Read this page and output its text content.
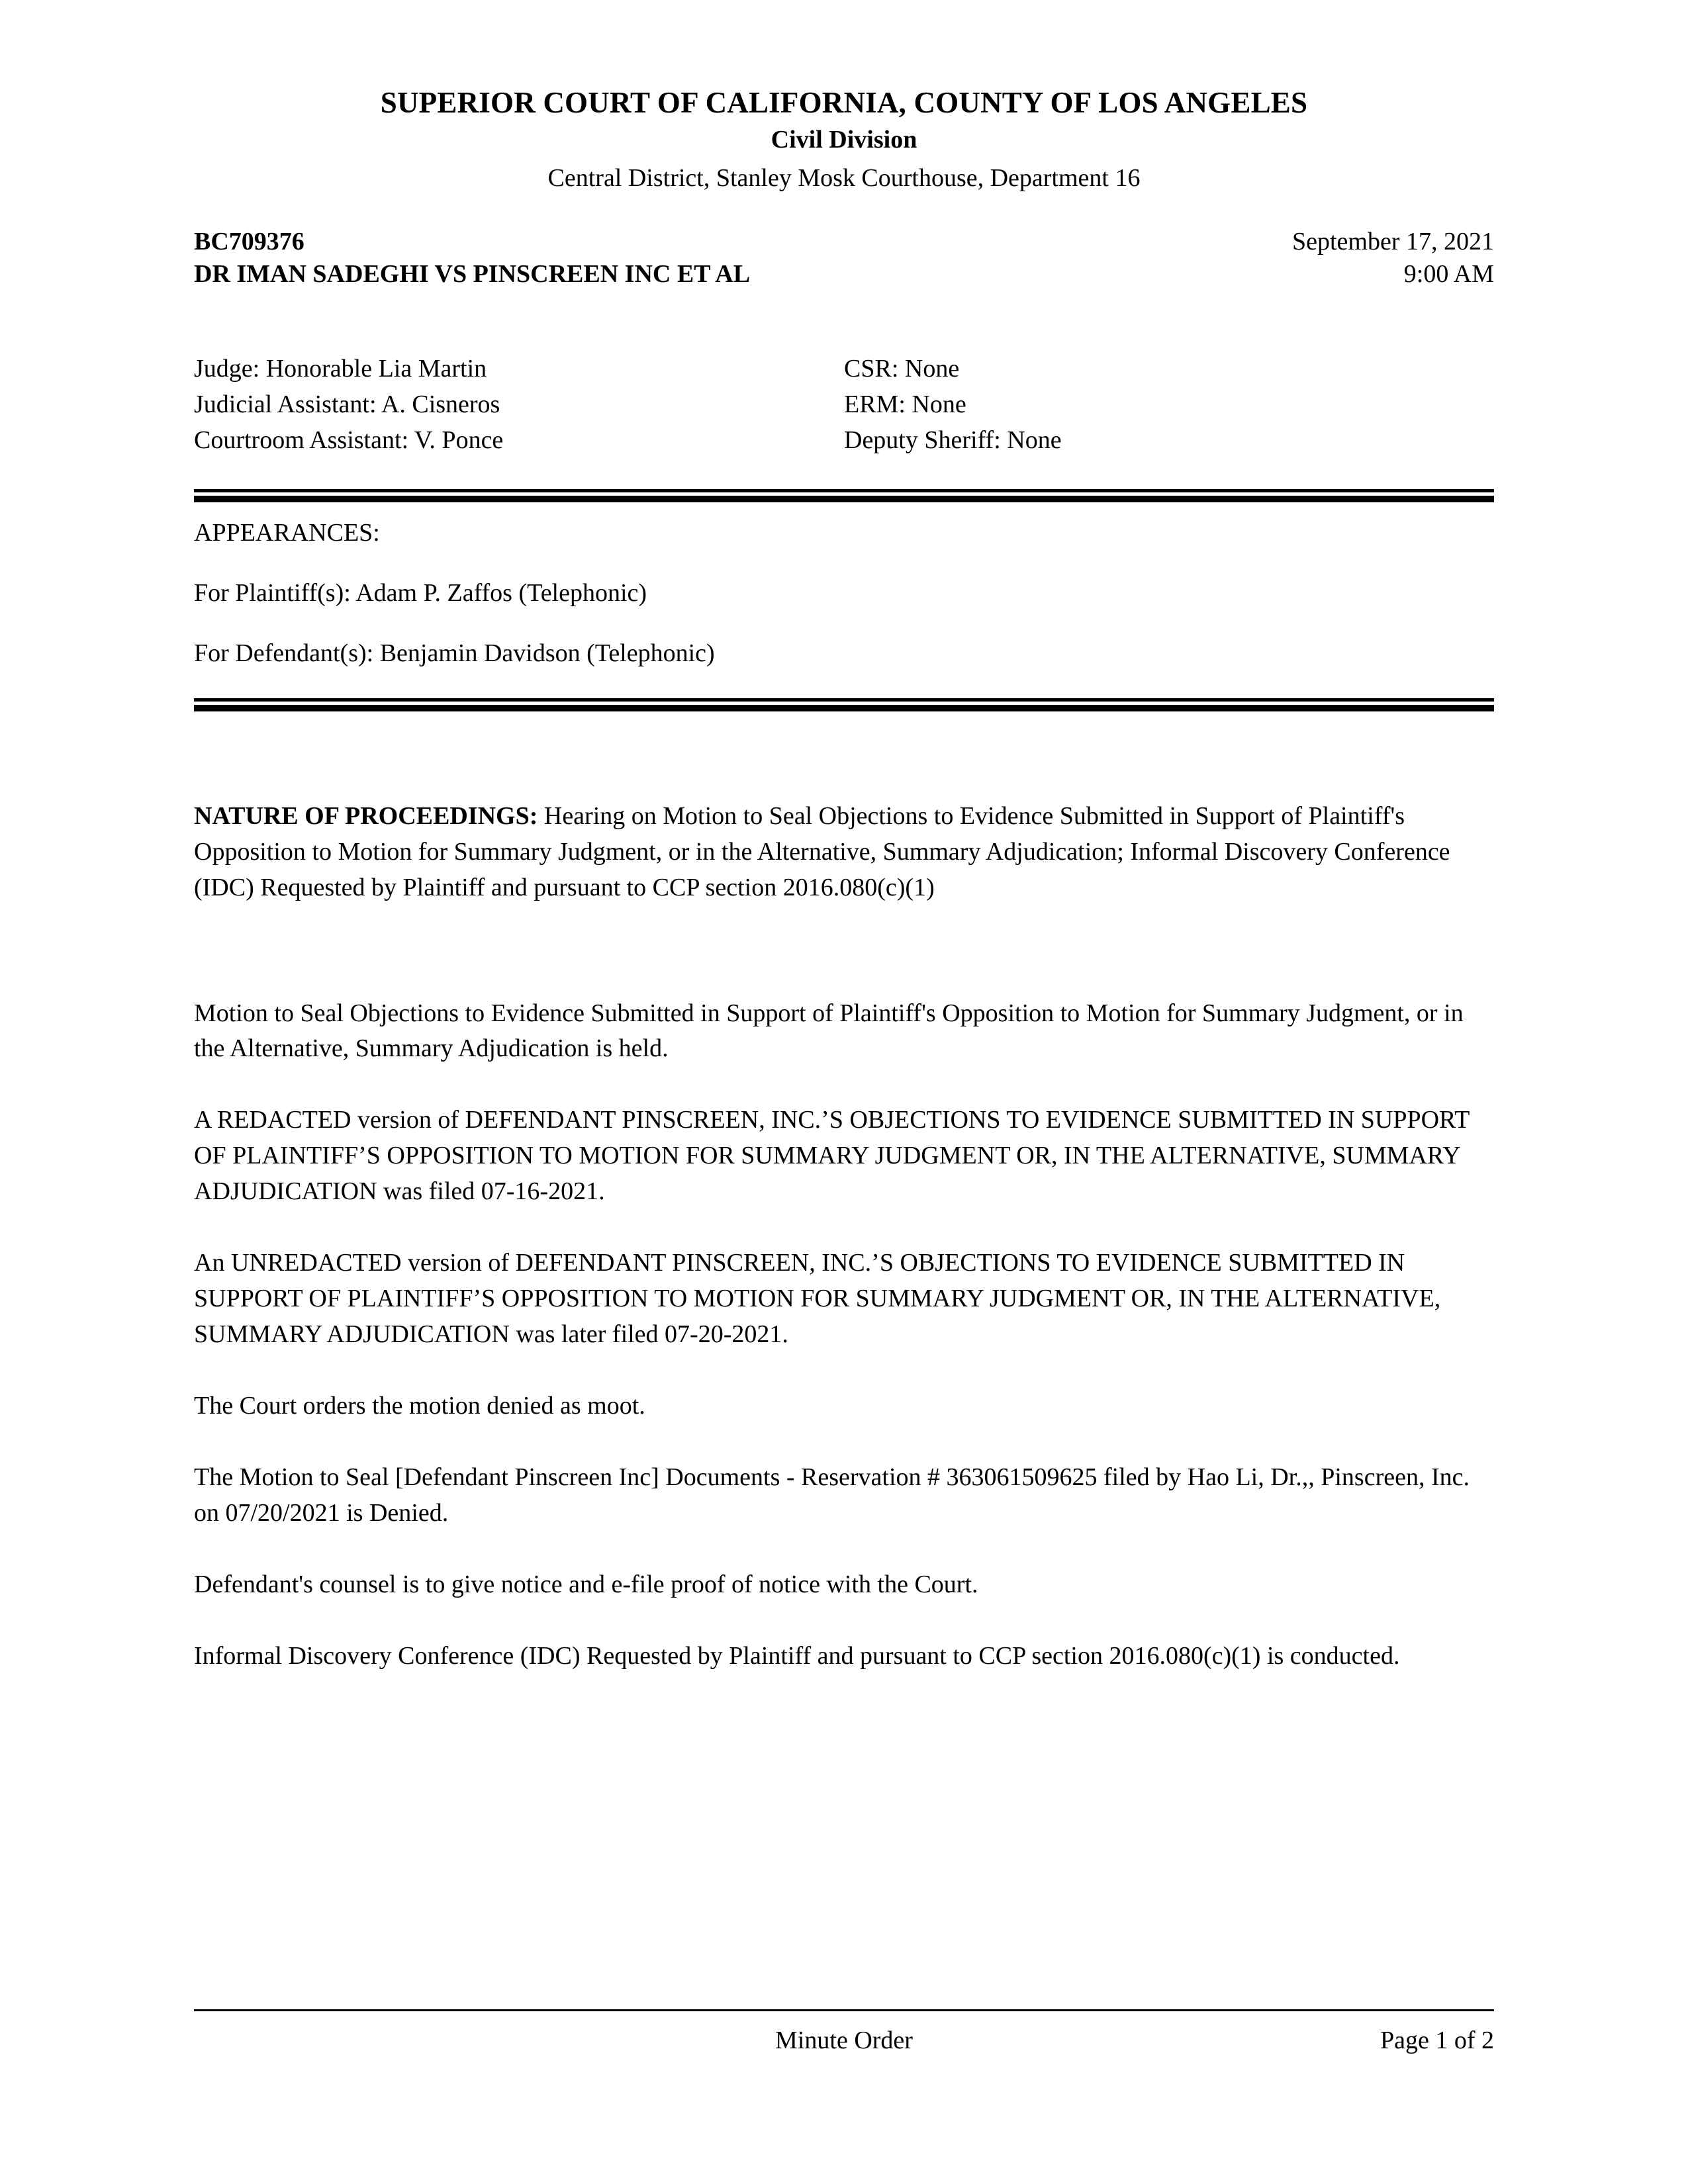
SUPERIOR COURT OF CALIFORNIA, COUNTY OF LOS ANGELES
Civil Division
Central District, Stanley Mosk Courthouse, Department 16
BC709376	September 17, 2021
DR IMAN SADEGHI VS PINSCREEN INC ET AL	9:00 AM
Judge: Honorable Lia Martin	CSR: None
Judicial Assistant: A. Cisneros	ERM: None
Courtroom Assistant: V. Ponce	Deputy Sheriff: None
APPEARANCES:
For Plaintiff(s): Adam P. Zaffos (Telephonic)
For Defendant(s): Benjamin Davidson (Telephonic)
NATURE OF PROCEEDINGS: Hearing on Motion to Seal Objections to Evidence Submitted in Support of Plaintiff's Opposition to Motion for Summary Judgment, or in the Alternative, Summary Adjudication; Informal Discovery Conference (IDC) Requested by Plaintiff and pursuant to CCP section 2016.080(c)(1)
Motion to Seal Objections to Evidence Submitted in Support of Plaintiff's Opposition to Motion for Summary Judgment, or in the Alternative, Summary Adjudication is held.
A REDACTED version of DEFENDANT PINSCREEN, INC.’S OBJECTIONS TO EVIDENCE SUBMITTED IN SUPPORT OF PLAINTIFF’S OPPOSITION TO MOTION FOR SUMMARY JUDGMENT OR, IN THE ALTERNATIVE, SUMMARY ADJUDICATION was filed 07-16-2021.
An UNREDACTED version of DEFENDANT PINSCREEN, INC.’S OBJECTIONS TO EVIDENCE SUBMITTED IN SUPPORT OF PLAINTIFF’S OPPOSITION TO MOTION FOR SUMMARY JUDGMENT OR, IN THE ALTERNATIVE, SUMMARY ADJUDICATION was later filed 07-20-2021.
The Court orders the motion denied as moot.
The Motion to Seal [Defendant Pinscreen Inc] Documents - Reservation # 363061509625 filed by Hao Li, Dr.,, Pinscreen, Inc. on 07/20/2021 is Denied.
Defendant's counsel is to give notice and e-file proof of notice with the Court.
Informal Discovery Conference (IDC) Requested by Plaintiff and pursuant to CCP section 2016.080(c)(1) is conducted.
Minute Order	Page 1 of 2
